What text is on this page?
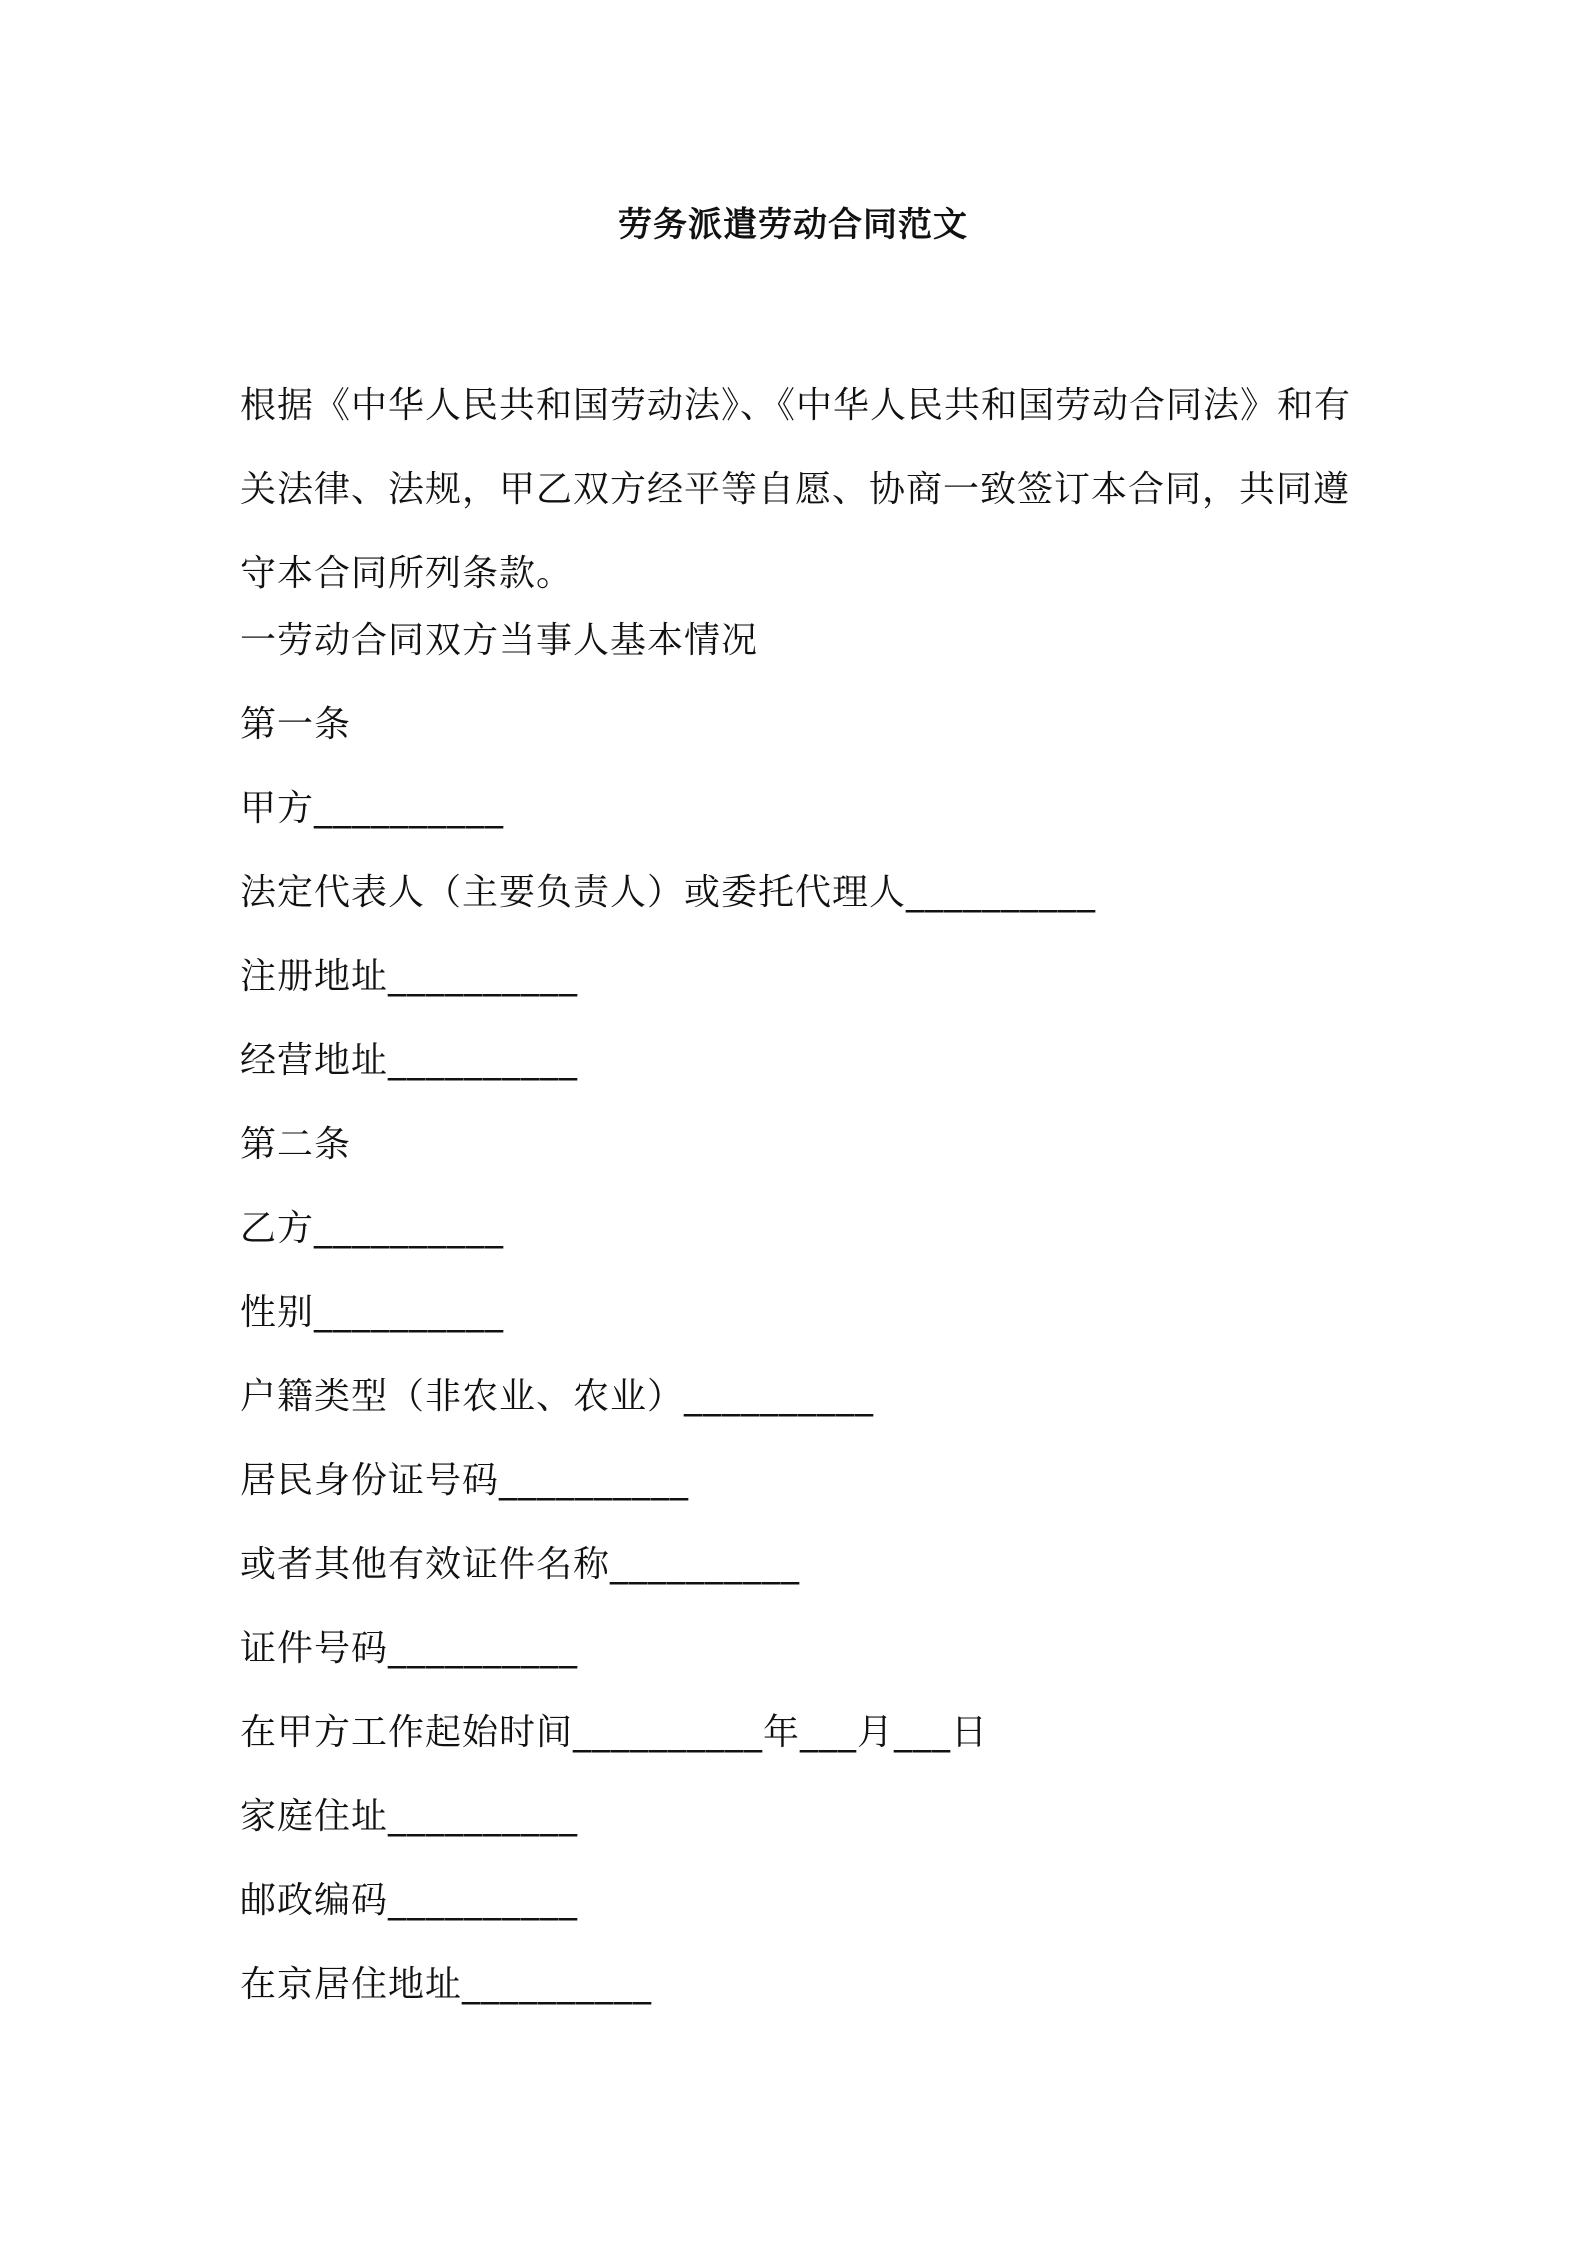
劳务派遣劳动合同范文

根据《中华人民共和国劳动法》、《中华人民共和国劳动合同法》和有关法律、法规，甲乙双方经平等自愿、协商一致签订本合同，共同遵守本合同所列条款。

一劳动合同双方当事人基本情况
第一条
甲方__________
法定代表人（主要负责人）或委托代理人__________
注册地址__________
经营地址__________
第二条
乙方__________
性别__________
户籍类型（非农业、农业）__________
居民身份证号码__________
或者其他有效证件名称__________
证件号码__________
在甲方工作起始时间__________年___月___日
家庭住址__________
邮政编码__________
在京居住地址__________
